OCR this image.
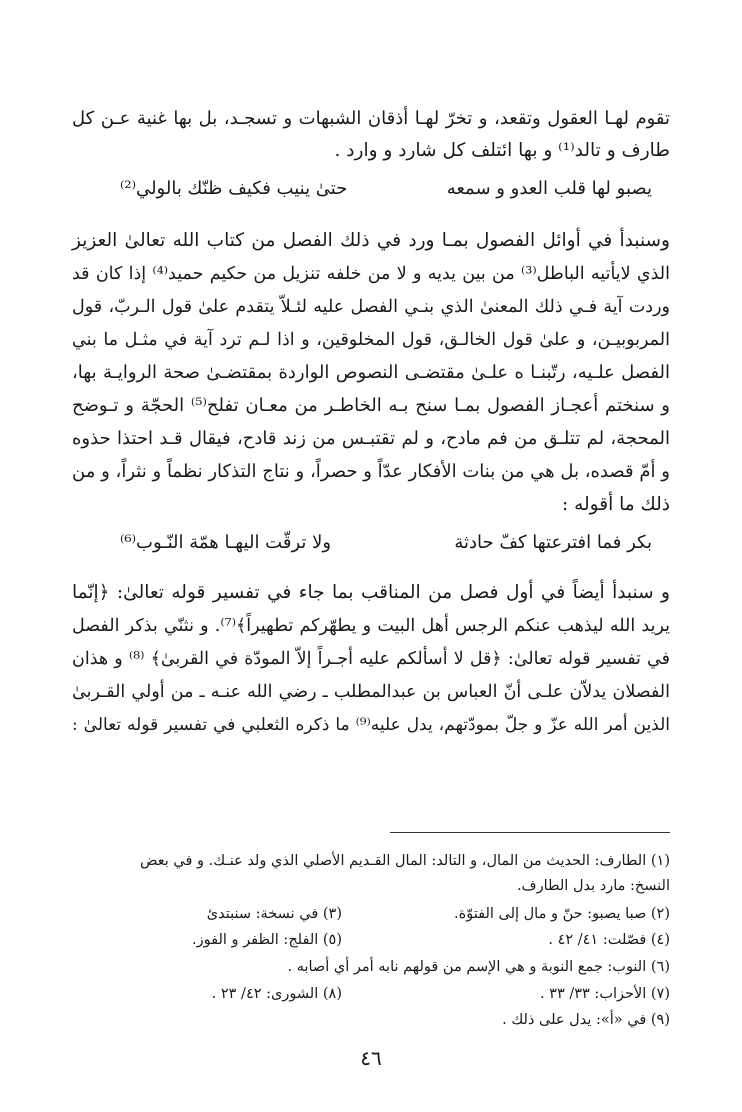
تقوم لهـا العقول وتقعد، و تخرّ لهـا أذقان الشبهات و تسجـد، بل بها غنية عـن كل
طارف و تالد⁽¹⁾ و بها ائتلف كل شارد و وارد .
يصبو لها قلب العدو و سمعه
حتىٰ ينيب فكيف ظنّك بالولي⁽²⁾
وسنبدأ في أوائل الفصول بمـا ورد في ذلك الفصل من كتاب الله تعالىٰ العزيز
الذي لايأتيه الباطل⁽³⁾ من بين يديه و لا من خلفه تنزيل من حكيم حميد⁽⁴⁾ إذا كان قد
وردت آية فـي ذلك المعنىٰ الذي بنـي الفصل عليه لئـلاّ يتقدم علىٰ قول الـربّ، قول
المربوبيـن، و علىٰ قول الخالـق، قول المخلوقين، و اذا لـم ترد آية في مثـل ما بني
الفصل علـيه، رتّبنـا ه علـىٰ مقتضـى النصوص الواردة بمقتضـىٰ صحة الروايـة بها،
و سنختم أعجـاز الفصول بمـا سنح بـه الخاطـر من معـان تفلح⁽⁵⁾ الحجّة و تـوضح
المحجة، لم تتلـق من فم مادح، و لم تقتبـس من زند قادح، فيقال قـد احتذا حذوه
و أمّ قصده، بل هي من بنات الأفكار عدّاً و حصراً، و نتاج التذكار نظماً و نثراً، و من
ذلك ما أقوله :
بكر فما افترعتها كفّ حادثة
ولا ترقّت اليهـا همّة النّـوب⁽⁶⁾
و سنبدأ أيضاً في أول فصل من المناقب بما جاء في تفسير قوله تعالىٰ: ﴿إنّما
يريد الله ليذهب عنكم الرجس أهل البيت و يطهّركم تطهيراً﴾⁽⁷⁾. و نثنّي بذكر الفصل
في تفسير قوله تعالىٰ: ﴿قل لا أسألكم عليه أجـراً إلاّ المودّة في القربىٰ﴾ ⁽⁸⁾ و هذان
الفصلان يدلاّن علـى أنّ العباس بن عبدالمطلب ـ رضي الله عنـه ـ من أولي القـربىٰ
الذين أمر الله عزّ و جلّ بمودّتهم، يدل عليه⁽⁹⁾ ما ذكره الثعلبي في تفسير قوله تعالىٰ :
(١) الطارف: الحديث من المال، و التالد: المال القـديم الأصلي الذي ولد عنـك. و في بعض
النسخ: مارد بدل الطارف.
(٢) صبا يصبو: حنّ و مال إلى الفتوّة.
(٣) في نسخة: سنبتدئ
(٤) فصّلت: ٤١/ ٤٢ .
(٥) الفلج: الظفر و الفوز.
(٦) النوب: جمع النوبة و هي الإسم من قولهم نابه أمر أي أصابه .
(٧) الأحزاب: ٣٣/ ٣٣ .
(٨) الشورى: ٤٢/ ٢٣ .
(٩) في «أ»: يدل على ذلك .
٤٦
